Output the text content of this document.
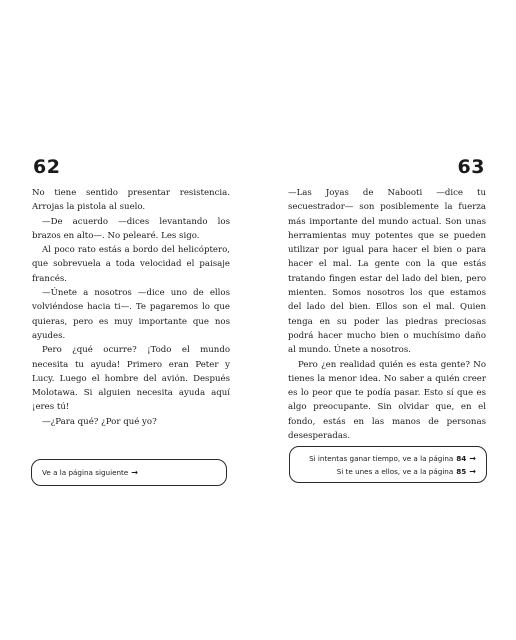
62

No tiene sentido presentar resistencia. Arrojas la pistola al suelo.

—De acuerdo —dices levantando los brazos en alto—. No pelearé. Les sigo.

Al poco rato estás a bordo del helicóptero, que sobrevuela a toda velocidad el paisaje francés.

—Únete a nosotros —dice uno de ellos volviéndose hacia ti—. Te pagaremos lo que quieras, pero es muy importante que nos ayudes.

Pero ¿qué ocurre? ¡Todo el mundo necesita tu ayuda! Primero eran Peter y Lucy. Luego el hombre del avión. Después Molotawa. Si alguien necesita ayuda aquí ¡eres tú!

—¿Para qué? ¿Por qué yo?

Ve a la página siguiente →
63

—Las Joyas de Nabooti —dice tu secuestrador— son posiblemente la fuerza más importante del mundo actual. Son unas herramientas muy potentes que se pueden utilizar por igual para hacer el bien o para hacer el mal. La gente con la que estás tratando fingen estar del lado del bien, pero mienten. Somos nosotros los que estamos del lado del bien. Ellos son el mal. Quien tenga en su poder las piedras preciosas podrá hacer mucho bien o muchísimo daño al mundo. Únete a nosotros.

Pero ¿en realidad quién es esta gente? No tienes la menor idea. No saber a quién creer es lo peor que te podía pasar. Esto sí que es algo preocupante. Sin olvidar que, en el fondo, estás en las manos de personas desesperadas.

Si intentas ganar tiempo, ve a la página 84 →
Si te unes a ellos, ve a la página 85 →
